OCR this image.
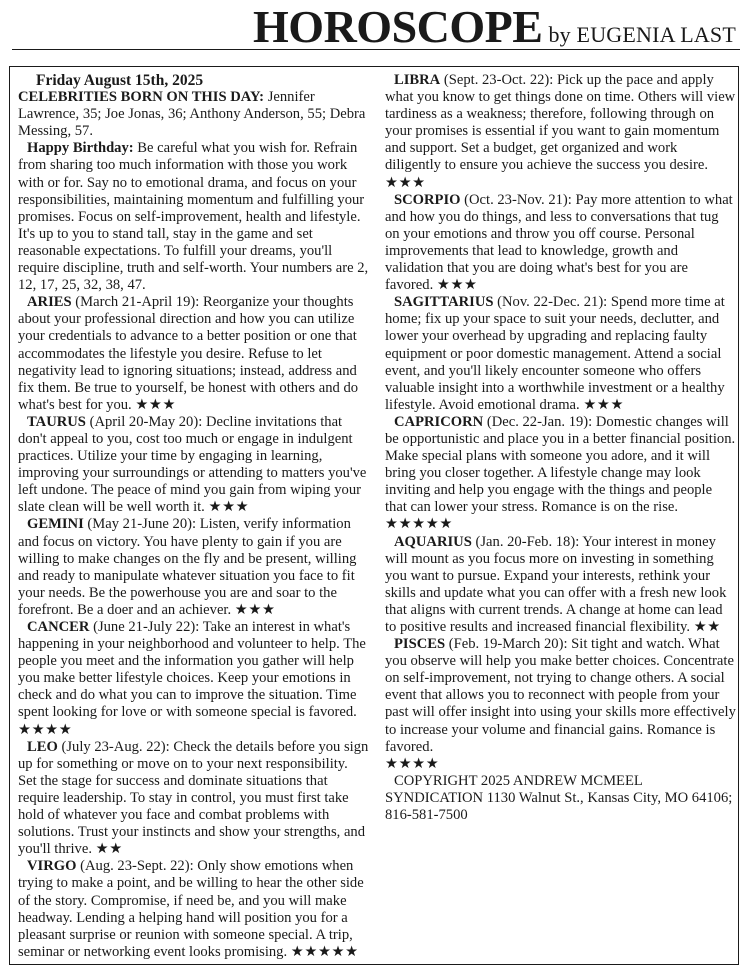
HOROSCOPE by EUGENIA LAST

Friday August 15th, 2025

CELEBRITIES BORN ON THIS DAY: Jennifer Lawrence, 35; Joe Jonas, 36; Anthony Anderson, 55; Debra Messing, 57.

Happy Birthday: Be careful what you wish for. Refrain from sharing too much information with those you work with or for. Say no to emotional drama, and focus on your responsibilities, maintaining momentum and fulfilling your promises. Focus on self-improvement, health and lifestyle. It's up to you to stand tall, stay in the game and set reasonable expectations. To fulfill your dreams, you'll require discipline, truth and self-worth. Your numbers are 2, 12, 17, 25, 32, 38, 47.

ARIES (March 21-April 19): Reorganize your thoughts about your professional direction and how you can utilize your credentials to advance to a better position or one that accommodates the lifestyle you desire. Refuse to let negativity lead to ignoring situations; instead, address and fix them. Be true to yourself, be honest with others and do what's best for you. ★★★

TAURUS (April 20-May 20): Decline invitations that don't appeal to you, cost too much or engage in indulgent practices. Utilize your time by engaging in learning, improving your surroundings or attending to matters you've left undone. The peace of mind you gain from wiping your slate clean will be well worth it. ★★★

GEMINI (May 21-June 20): Listen, verify information and focus on victory. You have plenty to gain if you are willing to make changes on the fly and be present, willing and ready to manipulate whatever situation you face to fit your needs. Be the powerhouse you are and soar to the forefront. Be a doer and an achiever. ★★★

CANCER (June 21-July 22): Take an interest in what's happening in your neighborhood and volunteer to help. The people you meet and the information you gather will help you make better lifestyle choices. Keep your emotions in check and do what you can to improve the situation. Time spent looking for love or with someone special is favored. ★★★★

LEO (July 23-Aug. 22): Check the details before you sign up for something or move on to your next responsibility. Set the stage for success and dominate situations that require leadership. To stay in control, you must first take hold of whatever you face and combat problems with solutions. Trust your instincts and show your strengths, and you'll thrive. ★★

VIRGO (Aug. 23-Sept. 22): Only show emotions when trying to make a point, and be willing to hear the other side of the story. Compromise, if need be, and you will make headway. Lending a helping hand will position you for a pleasant surprise or reunion with someone special. A trip, seminar or networking event looks promising. ★★★★★

LIBRA (Sept. 23-Oct. 22): Pick up the pace and apply what you know to get things done on time. Others will view tardiness as a weakness; therefore, following through on your promises is essential if you want to gain momentum and support. Set a budget, get organized and work diligently to ensure you achieve the success you desire. ★★★

SCORPIO (Oct. 23-Nov. 21): Pay more attention to what and how you do things, and less to conversations that tug on your emotions and throw you off course. Personal improvements that lead to knowledge, growth and validation that you are doing what's best for you are favored. ★★★

SAGITTARIUS (Nov. 22-Dec. 21): Spend more time at home; fix up your space to suit your needs, declutter, and lower your overhead by upgrading and replacing faulty equipment or poor domestic management. Attend a social event, and you'll likely encounter someone who offers valuable insight into a worthwhile investment or a healthy lifestyle. Avoid emotional drama. ★★★

CAPRICORN (Dec. 22-Jan. 19): Domestic changes will be opportunistic and place you in a better financial position. Make special plans with someone you adore, and it will bring you closer together. A lifestyle change may look inviting and help you engage with the things and people that can lower your stress. Romance is on the rise. ★★★★★

AQUARIUS (Jan. 20-Feb. 18): Your interest in money will mount as you focus more on investing in something you want to pursue. Expand your interests, rethink your skills and update what you can offer with a fresh new look that aligns with current trends. A change at home can lead to positive results and increased financial flexibility. ★★

PISCES (Feb. 19-March 20): Sit tight and watch. What you observe will help you make better choices. Concentrate on self-improvement, not trying to change others. A social event that allows you to reconnect with people from your past will offer insight into using your skills more effectively to increase your volume and financial gains. Romance is favored.

★★★★

COPYRIGHT 2025 ANDREW MCMEEL SYNDICATION 1130 Walnut St., Kansas City, MO 64106; 816-581-7500
